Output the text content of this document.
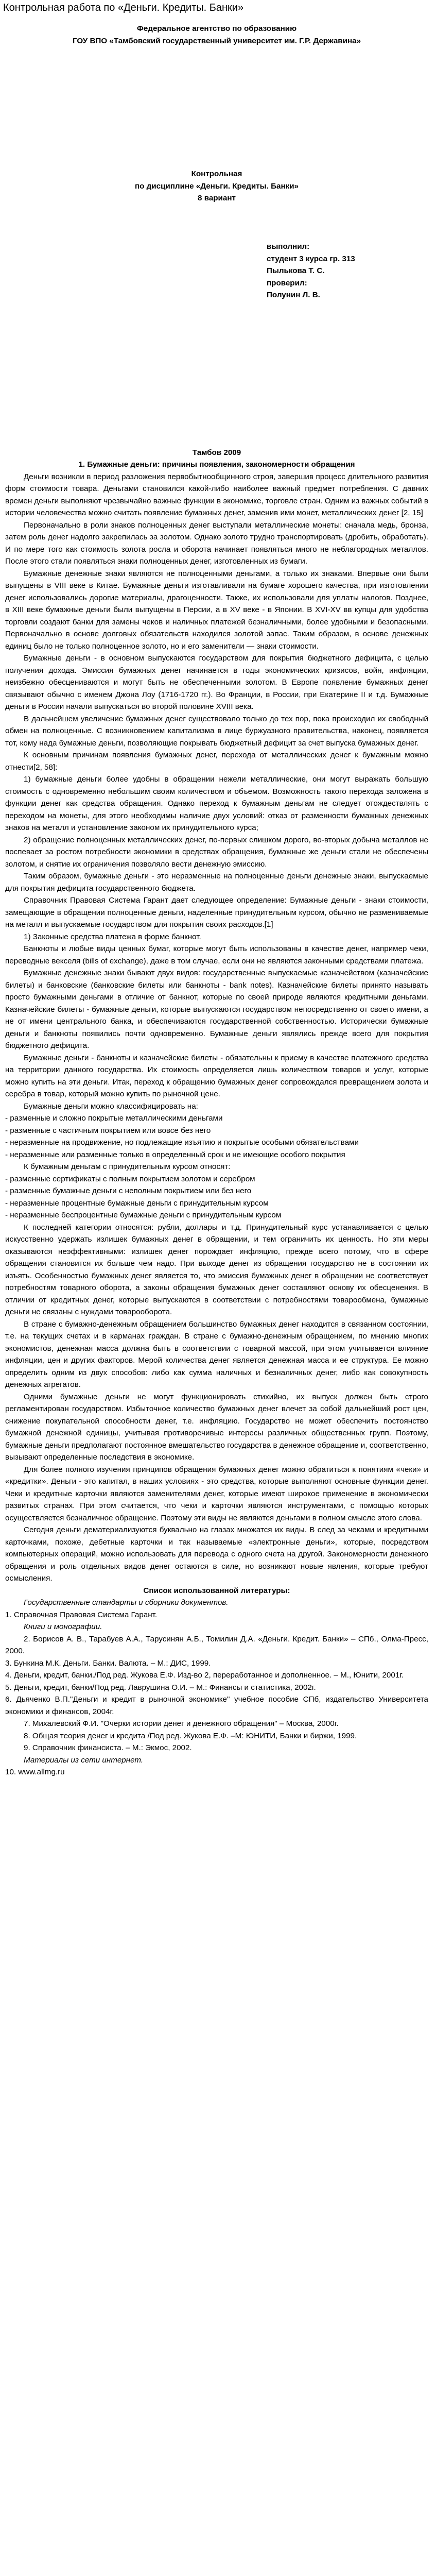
Контрольная работа по «Деньги. Кредиты. Банки»

Федеральное агентство по образованию

ГОУ ВПО «Тамбовский государственный университет им. Г.Р. Державина»

Контрольная

по дисциплине «Деньги. Кредиты. Банки»

8 вариант

выполнил:

студент 3 курса гр. 313

Пылькова Т. С.

проверил:

Полунин Л. В.

Тамбов 2009

1. Бумажные деньги: причины появления, закономерности обращения

Деньги возникли в период разложения первобытнообщинного строя, завершив процесс длительного развития форм стоимости товара. Деньгами становился какой-либо наиболее важный предмет потребления. С давних времен деньги выполняют чрезвычайно важные функции в экономике, торговле стран. Одним из важных событий в истории человечества можно считать появление бумажных денег, заменив ими монет, металлических денег [2, 15]

Первоначально в роли знаков полноценных денег выступали металлические монеты: сначала медь, бронза, затем роль денег надолго закрепилась за золотом. Однако золото трудно транспортировать (дробить, обработать). И по мере того как стоимость золота росла и оборота начинает появляться много не неблагородных металлов. После этого стали появляться знаки полноценных денег, изготовленных из бумаги.

Бумажные денежные знаки являются не полноценными деньгами, а только их знаками. Впервые они были выпущены в VIII веке в Китае. Бумажные деньги изготавливали на бумаге хорошего качества, при изготовлении денег использовались дорогие материалы, драгоценности. Также, их использовали для уплаты налогов. Позднее, в XIII веке бумажные деньги были выпущены в Персии, а в XV веке - в Японии. В XVI-XV вв купцы для удобства торговли создают банки для замены чеков и наличных платежей безналичными, более удобными и безопасными. Первоначально в основе долговых обязательств находился золотой запас. Таким образом, в основе денежных единиц было не только полноценное золото, но и его заменители — знаки стоимости.

Бумажные деньги - в основном выпускаются государством для покрытия бюджетного дефицита, с целью получения дохода. Эмиссия бумажных денег начинается в годы экономических кризисов, войн, инфляции, неизбежно обесцениваются и могут быть не обеспеченными золотом. В Европе появление бумажных денег связывают обычно с именем Джона Лоу (1716-1720 гг.). Во Франции, в России, при Екатерине II и т.д. Бумажные деньги в России начали выпускаться во второй половине XVIII века.

В дальнейшем увеличение бумажных денег существовало только до тех пор, пока происходил их свободный обмен на полноценные. С возникновением капитализма в лице буржуазного правительства, наконец, появляется тот, кому нада бумажные деньги, позволяющие покрывать бюджетный дефицит за счет выпуска бумажных денег.

К основным причинам появления бумажных денег, перехода от металлических денег к бумажным можно отнести[2, 58]:

1) бумажные деньги более удобны в обращении нежели металлические, они могут выражать большую стоимость с одновременно небольшим своим количеством и объемом. Возможность такого перехода заложена в функции денег как средства обращения. Однако переход к бумажным деньгам не следует отождествлять с переходом на монеты, для этого необходимы наличие двух условий: отказ от разменности бумажных денежных знаков на металл и установление законом их принудительного курса;

2) обращение полноценных металлических денег, по-первых слишком дорого, во-вторых добыча металлов не поспевает за ростом потребности экономики в средствах обращения, бумажные же деньги стали не обеспечены золотом, и снятие их ограничения позволяло вести денежную эмиссию.

Таким образом, бумажные деньги - это неразменные на полноценные деньги денежные знаки, выпускаемые для покрытия дефицита государственного бюджета.

Справочник Правовая Система Гарант дает следующее определение: Бумажные деньги - знаки стоимости, замещающие в обращении полноценные деньги, наделенные принудительным курсом, обычно не размениваемые на металл и выпускаемые государством для покрытия своих расходов.[1]

1) Законные средства платежа в форме банкнот.

Банкноты и любые виды ценных бумаг, которые могут быть использованы в качестве денег, например чеки, переводные векселя (bills of exchange), даже в том случае, если они не являются законными средствами платежа.

Бумажные денежные знаки бывают двух видов: государственные выпускаемые казначейством (казначейские билеты) и банковские (банковские билеты или банкноты - bank notes). Казначейские билеты принято называть просто бумажными деньгами в отличие от банкнот, которые по своей природе являются кредитными деньгами. Казначейские билеты - бумажные деньги, которые выпускаются государством непосредственно от своего имени, а не от имени центрального банка, и обеспечиваются государственной собственностью. Исторически бумажные деньги и банкноты появились почти одновременно. Бумажные деньги являлись прежде всего для покрытия бюджетного дефицита.

Бумажные деньги - банкноты и казначейские билеты - обязательны к приему в качестве платежного средства на территории данного государства. Их стоимость определяется лишь количеством товаров и услуг, которые можно купить на эти деньги. Итак, переход к обращению бумажных денег сопровождался превращением золота и серебра в товар, который можно купить по рыночной цене.

Бумажные деньги можно классифицировать на:

- разменные и сложно покрытые металлическими деньгами

- разменные с частичным покрытием или вовсе без него

- неразменные на продвижение, но подлежащие изъятию и покрытые особыми обязательствами

- неразменные или разменные только в определенный срок и не имеющие особого покрытия

К бумажным деньгам с принудительным курсом относят:

- разменные сертификаты с полным покрытием золотом и серебром

- разменные бумажные деньги с неполным покрытием или без него

- неразменные процентные бумажные деньги с принудительным курсом

- неразменные беспроцентные бумажные деньги с принудительным курсом

К последней категории относятся: рубли, доллары и т.д. Принудительный курс устанавливается с целью искусственно удержать излишек бумажных денег в обращении, и тем ограничить их ценность. Но эти меры оказываются неэффективными: излишек денег порождает инфляцию, прежде всего потому, что в сфере обращения становится их больше чем надо. При выходе денег из обращения государство не в состоянии их изъять. Особенностью бумажных денег является то, что эмиссия бумажных денег в обращении не соответствует потребностям товарного оборота, а законы обращения бумажных денег составляют основу их обесценения. В отличии от кредитных денег, которые выпускаются в соответствии с потребностями товарообмена, бумажные деньги не связаны с нуждами товарооборота.

В стране с бумажно-денежным обращением большинство бумажных денег находится в связанном состоянии, т.е. на текущих счетах и в карманах граждан. В стране с бумажно-денежным обращением, по мнению многих экономистов, денежная масса должна быть в соответствии с товарной массой, при этом учитывается влияние инфляции, цен и других факторов. Мерой количества денег является денежная масса и ее структура. Ее можно определить одним из двух способов: либо как сумма наличных и безналичных денег, либо как совокупность денежных агрегатов.

Одними бумажные деньги не могут функционировать стихийно, их выпуск должен быть строго регламентирован государством. Избыточное количество бумажных денег влечет за собой дальнейший рост цен, снижение покупательной способности денег, т.е. инфляцию. Государство не может обеспечить постоянство бумажной денежной единицы, учитывая противоречивые интересы различных общественных групп. Поэтому, бумажные деньги предполагают постоянное вмешательство государства в денежное обращение и, соответственно, вызывают определенные последствия в экономике.

Для более полного изучения принципов обращения бумажных денег можно обратиться к понятиям «чеки» и «кредитки». Деньги - это капитал, в наших условиях - это средства, которые выполняют основные функции денег. Чеки и кредитные карточки являются заменителями денег, которые имеют широкое применение в экономически развитых странах. При этом считается, что чеки и карточки являются инструментами, с помощью которых осуществляется безналичное обращение. Поэтому эти виды не являются деньгами в полном смысле этого слова.

Сегодня деньги дематериализуются буквально на глазах множатся их виды. В след за чеками и кредитными карточками, похоже, дебетные карточки и так называемые «электронные деньги», которые, посредством компьютерных операций, можно использовать для перевода с одного счета на другой. Закономерности денежного обращения и роль отдельных видов денег остаются в силе, но возникают новые явления, которые требуют осмысления.

Список использованной литературы:

Государственные стандарты и сборники документов.

1. Справочная Правовая Система Гарант.

Книги и монографии.

2. Борисов А. В., Тарабуев А.А., Тарусинян А.Б., Томилин Д.А. «Деньги. Кредит. Банки» – СПб., Олма-Пресс, 2000.

3. Бункина М.К. Деньги. Банки. Валюта. – М.: ДИС, 1999.

4. Деньги, кредит, банки./Под ред. Жукова Е.Ф. Изд-во 2, переработанное и дополненное. – М., Юнити, 2001г.

5. Деньги, кредит, банки/Под ред. Лаврушина О.И. – М.: Финансы и статистика, 2002г.

6. Дьяченко В.П."Деньги и кредит в рыночной экономике" учебное пособие СПб, издательство Университета экономики и финансов, 2004г.

7. Михалевский Ф.И. "Очерки истории денег и денежного обращения" – Москва, 2000г.

8. Общая теория денег и кредита /Под ред. Жукова Е.Ф. –М: ЮНИТИ, Банки и биржи, 1999.

9. Справочник финансиста. – М.: Экмос, 2002.

Материалы из сети интернет.

10. www.allmg.ru
